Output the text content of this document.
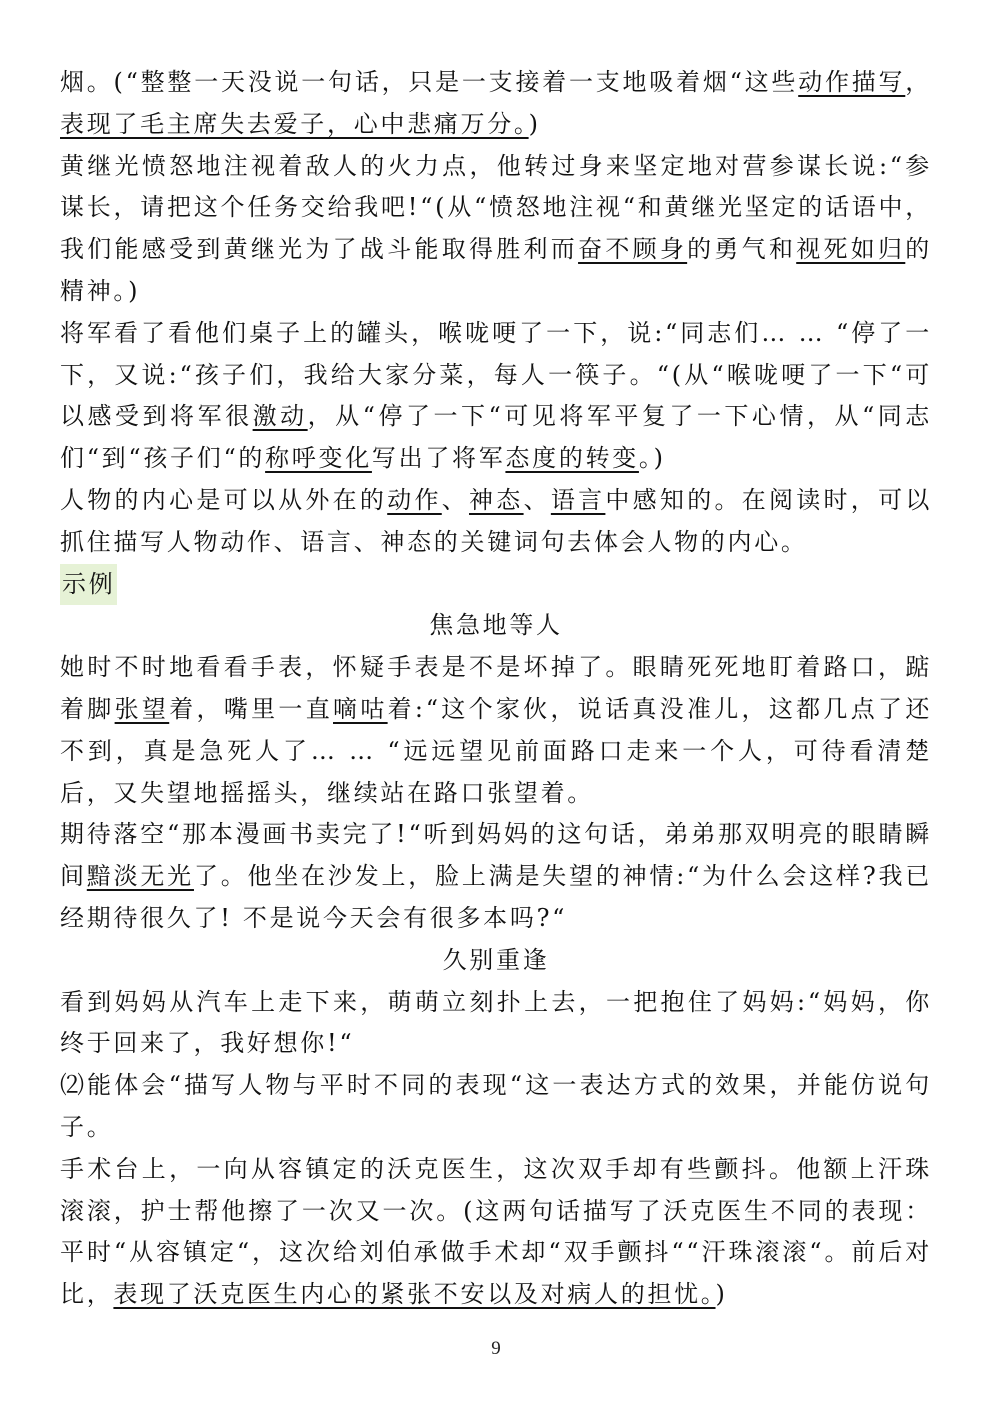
烟。(“整整一天没说一句话，只是一支接着一支地吸着烟“这些动作描写，表现了毛主席失去爱子，心中悲痛万分。)

黄继光愤怒地注视着敌人的火力点，他转过身来坚定地对营参谋长说:“参谋长，请把这个任务交给我吧!“(从“愤怒地注视“和黄继光坚定的话语中，我们能感受到黄继光为了战斗能取得胜利而奋不顾身的勇气和视死如归的精神。)

将军看了看他们桌子上的罐头，喉咙哽了一下，说:“同志们… … “停了一下，又说:“孩子们，我给大家分菜，每人一筷子。“(从“喉咙哽了一下“可以感受到将军很激动，从“停了一下“可见将军平复了一下心情，从“同志们“到“孩子们“的称呼变化写出了将军态度的转变。)

人物的内心是可以从外在的动作、神态、语言中感知的。在阅读时，可以抓住描写人物动作、语言、神态的关键词句去体会人物的内心。

示例

焦急地等人

她时不时地看看手表，怀疑手表是不是坏掉了。眼睛死死地盯着路口，踮着脚张望着，嘴里一直嘀咕着:“这个家伙，说话真没准儿，这都几点了还不到，真是急死人了… … “远远望见前面路口走来一个人，可待看清楚后，又失望地摇摇头，继续站在路口张望着。

期待落空“那本漫画书卖完了!“听到妈妈的这句话，弟弟那双明亮的眼睛瞬间黯淡无光了。他坐在沙发上，脸上满是失望的神情:“为什么会这样?我已经期待很久了! 不是说今天会有很多本吗?“

久别重逢

看到妈妈从汽车上走下来，萌萌立刻扑上去，一把抱住了妈妈:“妈妈，你终于回来了，我好想你!“

⑵能体会“描写人物与平时不同的表现“这一表达方式的效果，并能仿说句子。

手术台上，一向从容镇定的沃克医生，这次双手却有些颤抖。他额上汗珠滚滚，护士帮他擦了一次又一次。(这两句话描写了沃克医生不同的表现：平时“从容镇定“，这次给刘伯承做手术却“双手颤抖““汗珠滚滚“。前后对比，表现了沃克医生内心的紧张不安以及对病人的担忧。)

9
